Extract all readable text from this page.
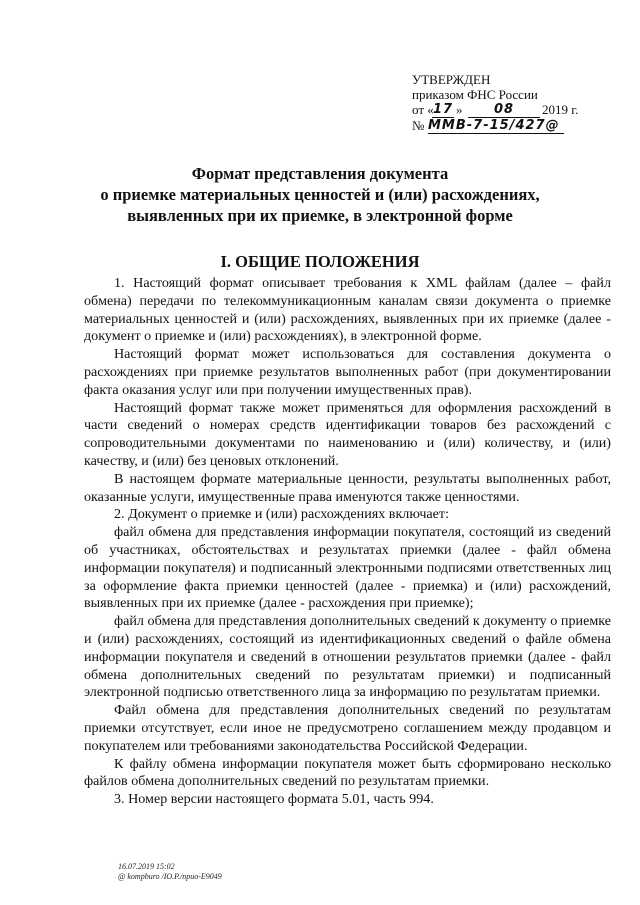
УТВЕРЖДЕН
приказом ФНС России
от « 17 »	08	2019 г.
№ ММВ-7-15/427@
Формат представления документа
о приемке материальных ценностей и (или) расхождениях,
выявленных при их приемке, в электронной форме
I. ОБЩИЕ ПОЛОЖЕНИЯ

1. Настоящий формат описывает требования к XML файлам (далее – файл обмена) передачи по телекоммуникационным каналам связи документа о приемке материальных ценностей и (или) расхождениях, выявленных при их приемке (далее - документ о приемке и (или) расхождениях), в электронной форме.

Настоящий формат может использоваться для составления документа о расхождениях при приемке результатов выполненных работ (при документировании факта оказания услуг или при получении имущественных прав).

Настоящий формат также может применяться для оформления расхождений в части сведений о номерах средств идентификации товаров без расхождений с сопроводительными документами по наименованию и (или) количеству, и (или) качеству, и (или) без ценовых отклонений.

В настоящем формате материальные ценности, результаты выполненных работ, оказанные услуги, имущественные права именуются также ценностями.

2. Документ о приемке и (или) расхождениях включает:

файл обмена для представления информации покупателя, состоящий из сведений об участниках, обстоятельствах и результатах приемки (далее - файл обмена информации покупателя) и подписанный электронными подписями ответственных лиц за оформление факта приемки ценностей (далее - приемка) и (или) расхождений, выявленных при их приемке (далее - расхождения при приемке);

файл обмена для представления дополнительных сведений к документу о приемке и (или) расхождениях, состоящий из идентификационных сведений о файле обмена информации покупателя и сведений в отношении результатов приемки (далее - файл обмена дополнительных сведений по результатам приемки) и подписанный электронной подписью ответственного лица за информацию по результатам приемки.

Файл обмена для представления дополнительных сведений по результатам приемки отсутствует, если иное не предусмотрено соглашением между продавцом и покупателем или требованиями законодательства Российской Федерации.

К файлу обмена информации покупателя может быть сформировано несколько файлов обмена дополнительных сведений по результатам приемки.

3. Номер версии настоящего формата 5.01, часть 994.

16.07.2019 15:02
@ kompburo /IO.P./npuo-E9049
